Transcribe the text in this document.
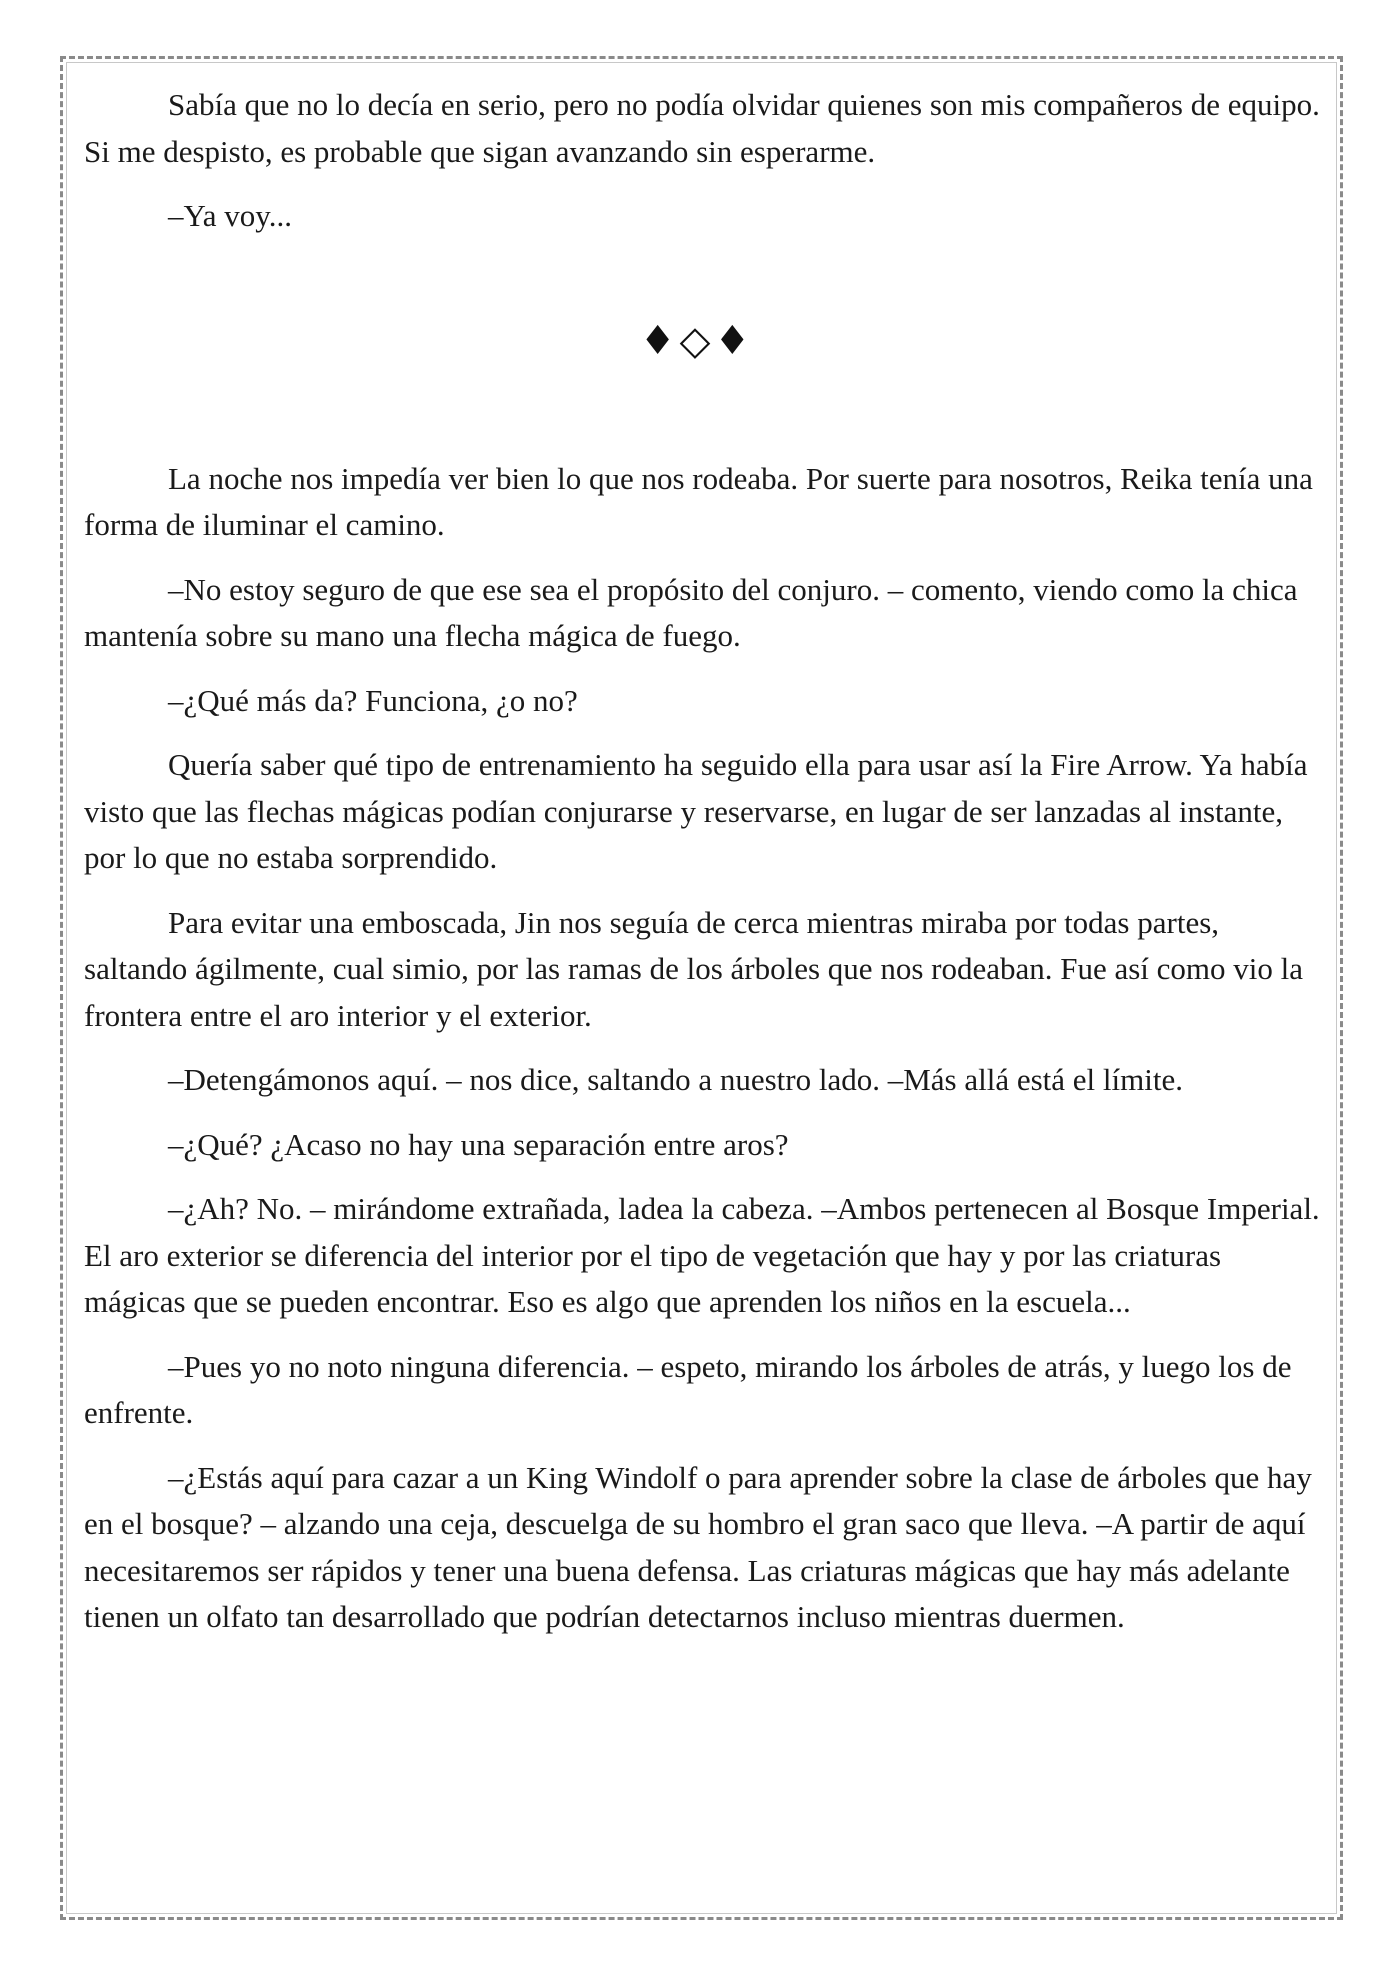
Sabía que no lo decía en serio, pero no podía olvidar quienes son mis compañeros de equipo. Si me despisto, es probable que sigan avanzando sin esperarme.

–Ya voy...

♦◇♦

La noche nos impedía ver bien lo que nos rodeaba. Por suerte para nosotros, Reika tenía una forma de iluminar el camino.

–No estoy seguro de que ese sea el propósito del conjuro. – comento, viendo como la chica mantenía sobre su mano una flecha mágica de fuego.

–¿Qué más da? Funciona, ¿o no?

Quería saber qué tipo de entrenamiento ha seguido ella para usar así la Fire Arrow. Ya había visto que las flechas mágicas podían conjurarse y reservarse, en lugar de ser lanzadas al instante, por lo que no estaba sorprendido.

Para evitar una emboscada, Jin nos seguía de cerca mientras miraba por todas partes, saltando ágilmente, cual simio, por las ramas de los árboles que nos rodeaban. Fue así como vio la frontera entre el aro interior y el exterior.

–Detengámonos aquí. – nos dice, saltando a nuestro lado. –Más allá está el límite.

–¿Qué? ¿Acaso no hay una separación entre aros?

–¿Ah? No. – mirándome extrañada, ladea la cabeza. –Ambos pertenecen al Bosque Imperial. El aro exterior se diferencia del interior por el tipo de vegetación que hay y por las criaturas mágicas que se pueden encontrar. Eso es algo que aprenden los niños en la escuela...

–Pues yo no noto ninguna diferencia. – espeto, mirando los árboles de atrás, y luego los de enfrente.

–¿Estás aquí para cazar a un King Windolf o para aprender sobre la clase de árboles que hay en el bosque? – alzando una ceja, descuelga de su hombro el gran saco que lleva. –A partir de aquí necesitaremos ser rápidos y tener una buena defensa. Las criaturas mágicas que hay más adelante tienen un olfato tan desarrollado que podrían detectarnos incluso mientras duermen.
